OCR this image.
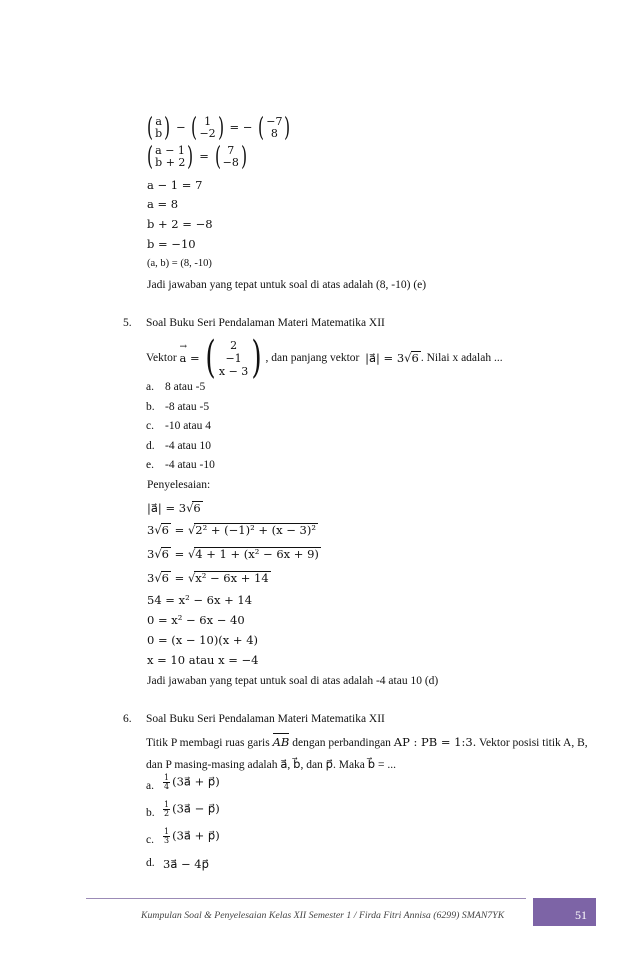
( a
b ) − ( 1
−2 ) = − ( −7
8 )
( a − 1
b + 2 ) = ( 7
−8 )
a − 1 = 7
a = 8
b + 2 = −8
b = −10
(a, b) = (8, -10)
Jadi jawaban yang tepat untuk soal di atas adalah (8, -10) (e)
5. Soal Buku Seri Pendalaman Materi Matematika XII
Vektor
→ a = ( 2
−1
x − 3 ) , dan panjang vektor
|a⃗| = 3 √ 6 . Nilai x adalah ...
a. 8 atau -5
b. -8 atau -5
c. -10 atau 4
d. -4 atau 10
e. -4 atau -10
Penyelesaian:
|a⃗| = 3√6
3√6 = √2² + (−1)² + (x − 3)²
3√6 = √4 + 1 + (x² − 6x + 9)
3√6 = √x² − 6x + 14
54 = x² − 6x + 14
0 = x² − 6x − 40
0 = (x − 10)(x + 4)
x = 10 atau x = −4
Jadi jawaban yang tepat untuk soal di atas adalah -4 atau 10 (d)
6. Soal Buku Seri Pendalaman Materi Matematika XII
Titik P membagi ruas garis AB dengan perbandingan AP : PB = 1:3. Vektor posisi titik A, B,
dan P masing-masing adalah a⃗, b⃗, dan p⃗. Maka b⃗ = ...
a. $\frac{1}{4}$ (3a⃗ + p⃗)
b. $\frac{1}{2}$ (3a⃗ − p⃗)
c. $\frac{1}{3}$ (3a⃗ + p⃗)
d. 3a⃗ − 4p⃗
Kumpulan Soal & Penyelesaian Kelas XII Semester 1 / Firda Fitri Annisa (6299) SMAN7YK	51
